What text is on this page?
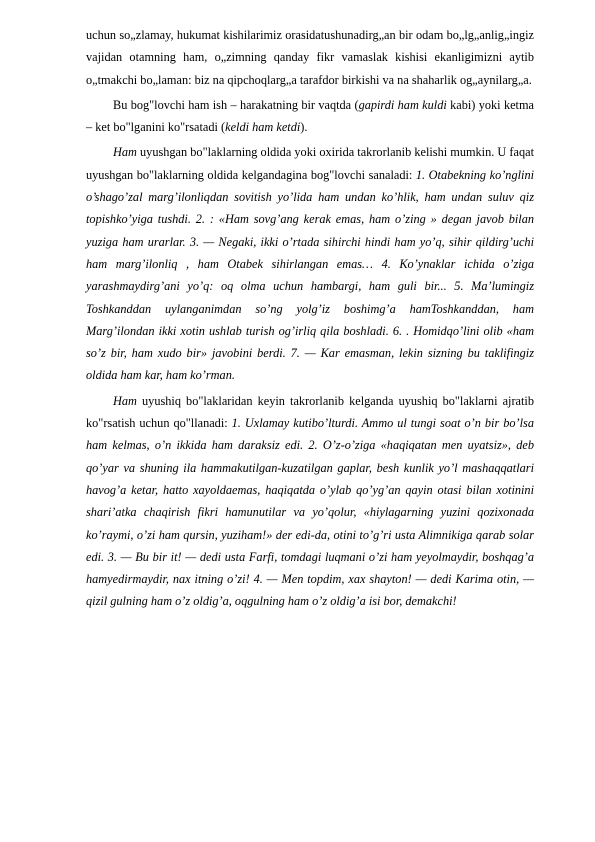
uchun so„zlamay, hukumat kishilarimiz orasidatushunadirg„an bir odam bo„lg„anlig„ingiz vajidan otamning ham, o„zimning qanday fikr vamaslak kishisi ekanligimizni aytib o„tmakchi bo„laman: biz na qipchoqlarg„a tarafdor birkishi va na shaharlik og„aynilarg„a.

Bu bog"lovchi ham ish – harakatning bir vaqtda (gapirdi ham kuldi kabi) yoki ketma – ket bo"lganini ko"rsatadi (keldi ham ketdi).

Ham uyushgan bo"laklarning oldida yoki oxirida takrorlanib kelishi mumkin. U faqat uyushgan bo"laklarning oldida kelgandagina bog"lovchi sanaladi: 1. Otabekning ko’nglini o’shago’zal marg’ilonliqdan sovitish yo’lida ham undan ko’hlik, ham undan suluv qiz topishko’yiga tushdi. 2. : «Ham sovg’ang kerak emas, ham o’zing » degan javob bilan yuziga ham urarlar. 3. — Negaki, ikki o’rtada sihirchi hindi ham yo’q, sihir qildirg’uchi ham marg’ilonliq , ham Otabek sihirlangan emas… 4. Ko’ynaklar ichida o’ziga yarashmaydirg’ani yo’q: oq olma uchun hambargi, ham guli bir... 5. Ma’lumingiz Toshkanddan uylanganimdan so’ng yolg’iz boshimg’a hamToshkanddan, ham Marg’ilondan ikki xotin ushlab turish og’irliq qila boshladi. 6. . Homidqo’lini olib «ham so’z bir, ham xudo bir» javobini berdi. 7. — Kar emasman, lekin sizning bu taklifingiz oldida ham kar, ham ko’rman.

Ham uyushiq bo"laklaridan keyin takrorlanib kelganda uyushiq bo"laklarni ajratib ko"rsatish uchun qo"llanadi: 1. Uxlamay kutibo’lturdi. Ammo ul tungi soat o’n bir bo’lsa ham kelmas, o’n ikkida ham daraksiz edi. 2. O’z-o’ziga «haqiqatan men uyatsiz», deb qo’yar va shuning ila hammakutilgan-kuzatilgan gaplar, besh kunlik yo’l mashaqqatlari havog’a ketar, hatto xayoldaemas, haqiqatda o’ylab qo’yg’an qayin otasi bilan xotinini shari’atka chaqirish fikri hamunutilar va yo’qolur, «hiylagarning yuzini qozixonada ko’raymi, o’zi ham qursin, yuziham!» der edi-da, otini to’g’ri usta Alimnikiga qarab solar edi. 3. — Bu bir it! — dedi usta Farfi, tomdagi luqmani o’zi ham yeyolmaydir, boshqag’a hamyedirmaydir, nax itning o’zi! 4. — Men topdim, xax shayton! — dedi Karima otin, — qizil gulning ham o’z oldig’a, oqgulning ham o’z oldig’a isi bor, demakchi!
